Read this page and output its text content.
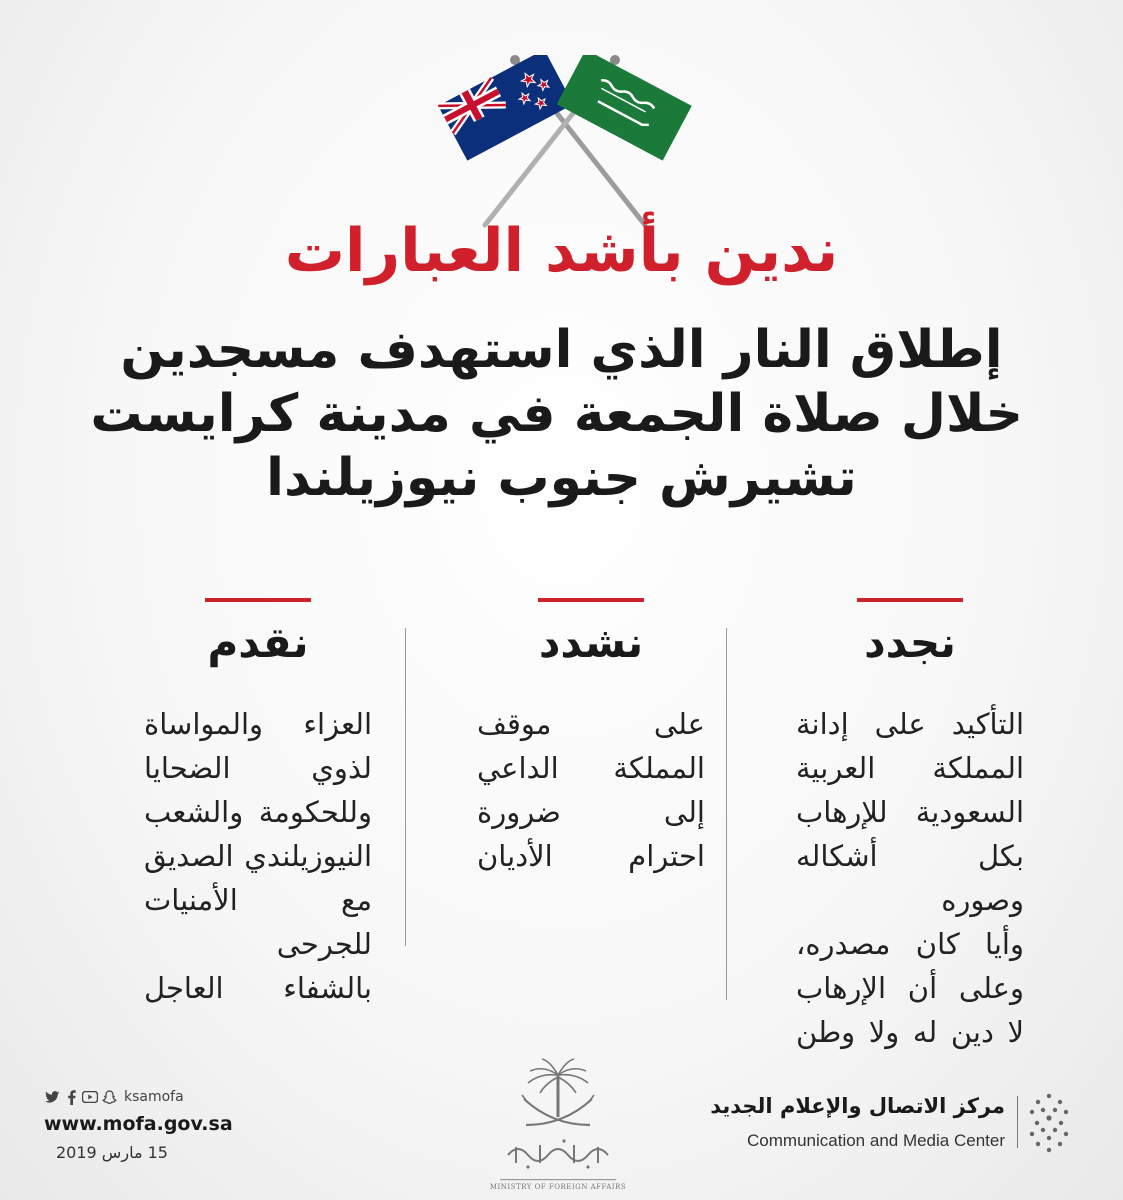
ندين بأشد العبارات
إطلاق النار الذي استهدف مسجدين
خلال صلاة الجمعة في مدينة كرايست
تشيرش جنوب نيوزيلندا
نجدد
التأكيد على إدانة
المملكة العربية
السعودية للإرهاب
بكل أشكاله وصوره
وأيا كان مصدره،
وعلى أن الإرهاب
لا دين له ولا وطن
نشدد
على موقف
المملكة الداعي
إلى ضرورة
احترام الأديان
نقدم
العزاء والمواساة
لذوي الضحايا
وللحكومة والشعب
النيوزيلندي الصديق
مع الأمنيات للجرحى
بالشفاء العاجل
ksamofa
www.mofa.gov.sa
15 مارس 2019
MINISTRY OF FOREIGN AFFAIRS
مركز الاتصال والإعلام الجديد
Communication and Media Center
